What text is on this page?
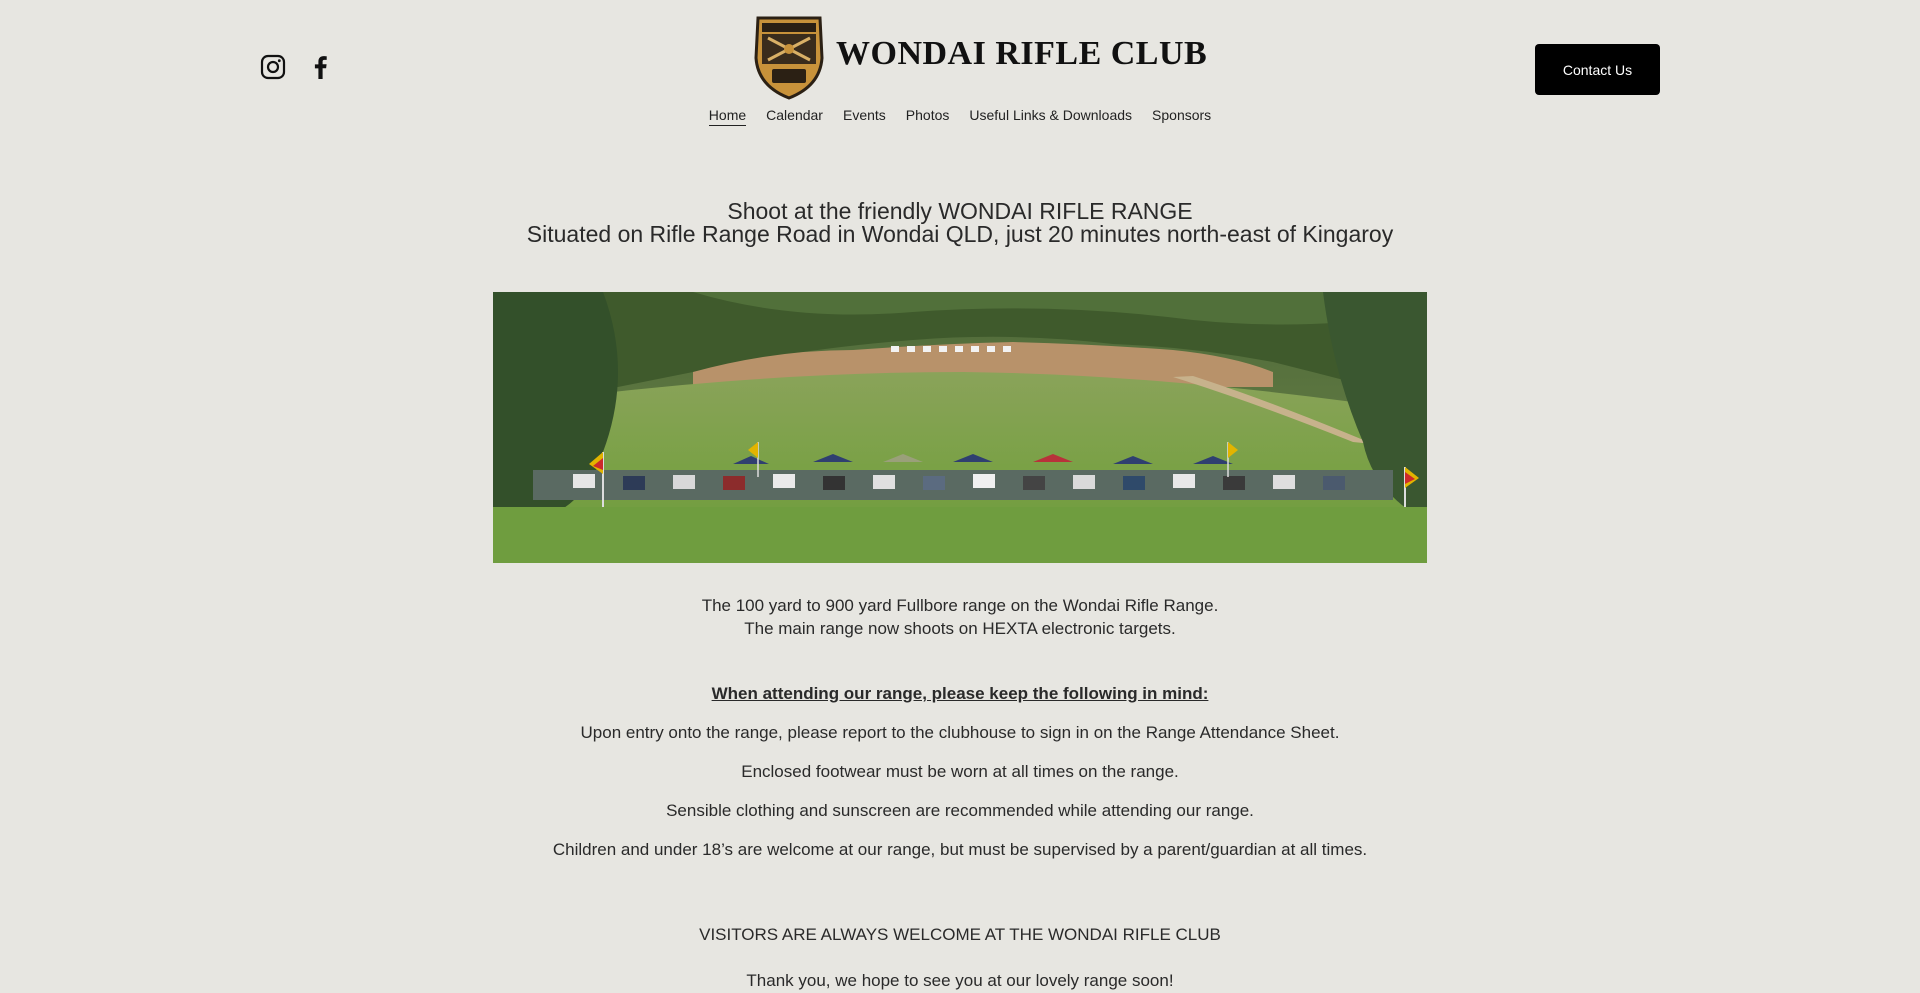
WONDAI RIFLE CLUB	Contact Us
Home Calendar Events Photos Useful Links & Downloads Sponsors
Shoot at the friendly WONDAI RIFLE RANGE
Situated on Rifle Range Road in Wondai QLD, just 20 minutes north-east of Kingaroy
The 100 yard to 900 yard Fullbore range on the Wondai Rifle Range.
The main range now shoots on HEXTA electronic targets.
When attending our range, please keep the following in mind:
Upon entry onto the range, please report to the clubhouse to sign in on the Range Attendance Sheet.
Enclosed footwear must be worn at all times on the range.
Sensible clothing and sunscreen are recommended while attending our range.
Children and under 18’s are welcome at our range, but must be supervised by a parent/guardian at all times.
VISITORS ARE ALWAYS WELCOME AT THE WONDAI RIFLE CLUB
Thank you, we hope to see you at our lovely range soon!
